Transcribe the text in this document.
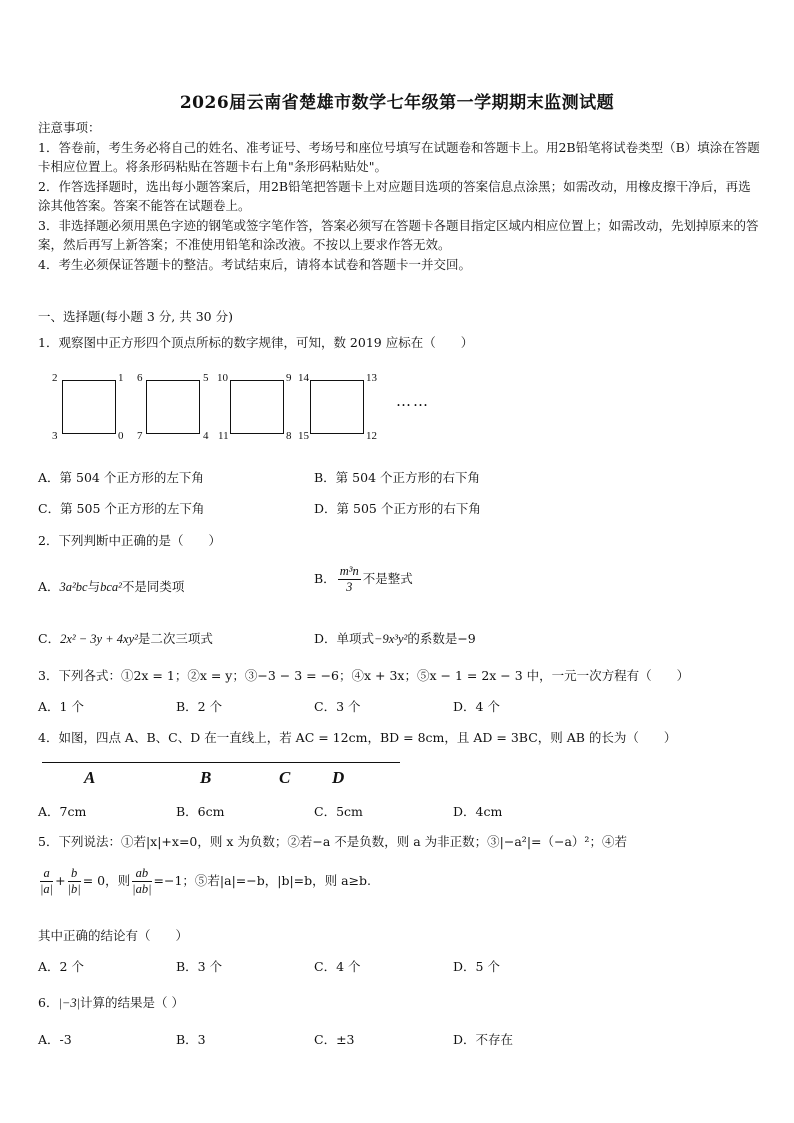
2026届云南省楚雄市数学七年级第一学期期末监测试题
注意事项：
1．答卷前，考生务必将自己的姓名、准考证号、考场号和座位号填写在试题卷和答题卡上。用2B铅笔将试卷类型（B）填涂在答题卡相应位置上。将条形码粘贴在答题卡右上角"条形码粘贴处"。
2．作答选择题时，选出每小题答案后，用2B铅笔把答题卡上对应题目选项的答案信息点涂黑；如需改动，用橡皮擦干净后，再选涂其他答案。答案不能答在试题卷上。
3．非选择题必须用黑色字迹的钢笔或签字笔作答，答案必须写在答题卡各题目指定区域内相应位置上；如需改动，先划掉原来的答案，然后再写上新答案；不准使用铅笔和涂改液。不按以上要求作答无效。
4．考生必须保证答题卡的整洁。考试结束后，请将本试卷和答题卡一并交回。
一、选择题(每小题 3 分, 共 30 分)
1．观察图中正方形四个顶点所标的数字规律，可知，数 2019 应标在（　　）
2	1
3	0
6	5
7	4
10	9
11	8
14	13
15	12
……
A．第 504 个正方形的左下角	B．第 504 个正方形的右下角
C．第 505 个正方形的左下角	D．第 505 个正方形的右下角
2．下列判断中正确的是（　　）
A．3a²bc与bca²不是同类项
B． $\frac{\text{m³n}}{3}$ 不是整式
C．2x² − 3y + 4xy²是二次三项式	D．单项式−9x³y²的系数是−9
3．下列各式：①2x = 1；②x = y；③−3 − 3 = −6；④x + 3x；⑤x − 1 = 2x − 3 中，一元一次方程有（　　）
A．1 个	B．2 个	C．3 个	D．4 个
4．如图，四点 A、B、C、D 在一直线上，若 AC = 12cm，BD = 8cm，且 AD = 3BC，则 AB 的长为（　　）
A	B	C D
A．7cm	B．6cm	C．5cm	D．4cm
5．下列说法：①若|x|+x=0，则 x 为负数；②若−a 不是负数，则 a 为非正数；③|−a²|=（−a）²；④若
$\frac{a}{|a|} + \frac{b}{|b|} = 0$，则 $\frac{ab}{|ab|} =-1$；⑤若|a|=−b，|b|=b，则 a≥b.
其中正确的结论有（　　）
A．2 个	B．3 个	C．4 个	D．5 个
6．|−3|计算的结果是（ ）
A．-3	B．3	C．±3	D．不存在
